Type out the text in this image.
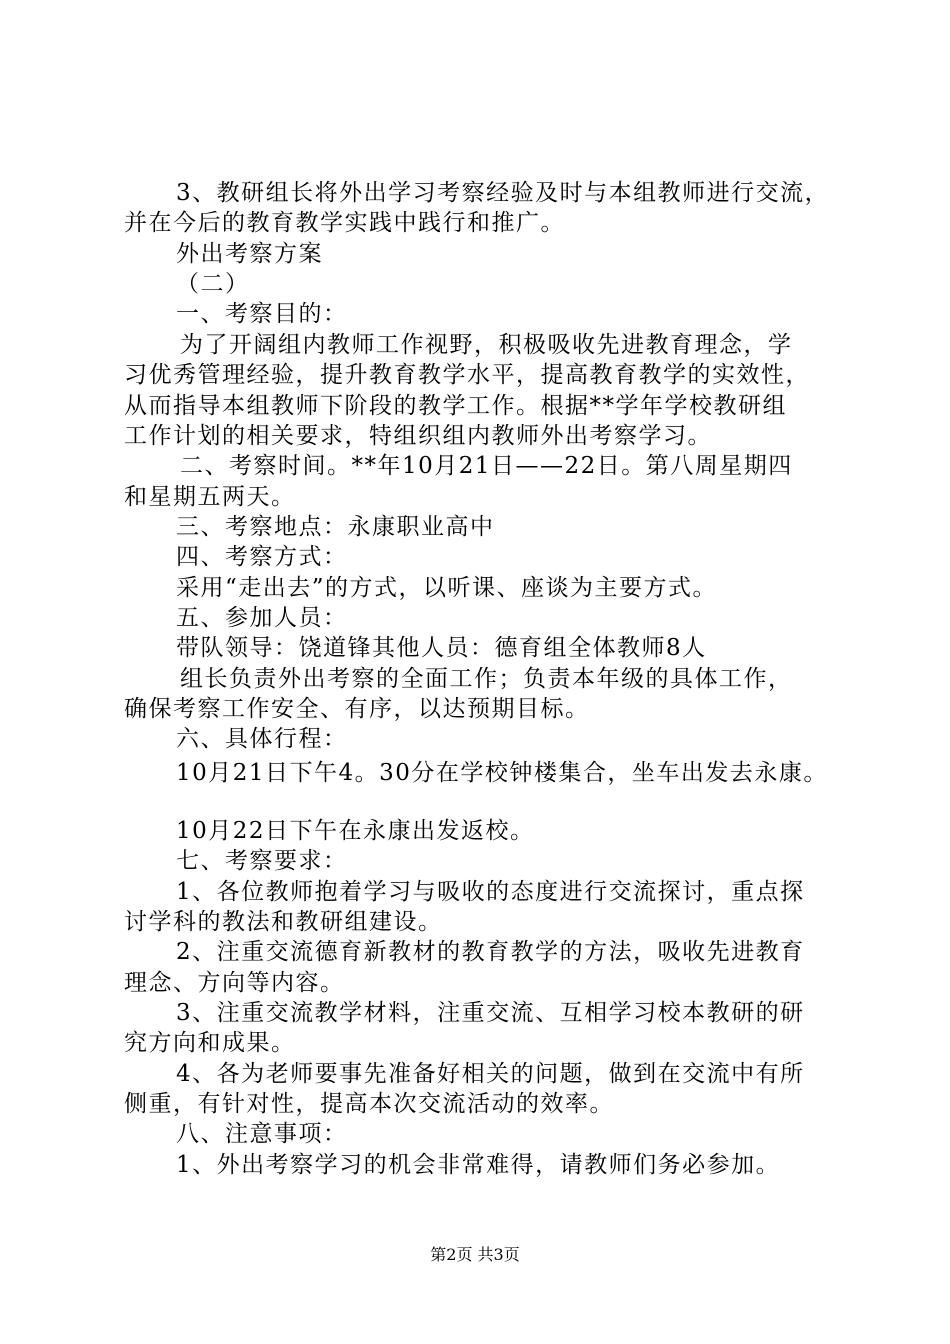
3、教研组长将外出学习考察经验及时与本组教师进行交流，
并在今后的教育教学实践中践行和推广。
外出考察方案
（二）
一、考察目的：
为了开阔组内教师工作视野，积极吸收先进教育理念，学
习优秀管理经验，提升教育教学水平，提高教育教学的实效性，
从而指导本组教师下阶段的教学工作。根据**学年学校教研组
工作计划的相关要求，特组织组内教师外出考察学习。
二、考察时间。**年10月21日——22日。第八周星期四
和星期五两天。
三、考察地点：永康职业高中
四、考察方式：
采用“走出去”的方式，以听课、座谈为主要方式。
五、参加人员：
带队领导：饶道锋其他人员：德育组全体教师8人
组长负责外出考察的全面工作；负责本年级的具体工作，
确保考察工作安全、有序，以达预期目标。
六、具体行程：
10月21日下午4。30分在学校钟楼集合，坐车出发去永康。
10月22日下午在永康出发返校。
七、考察要求：
1、各位教师抱着学习与吸收的态度进行交流探讨，重点探
讨学科的教法和教研组建设。
2、注重交流德育新教材的教育教学的方法，吸收先进教育
理念、方向等内容。
3、注重交流教学材料，注重交流、互相学习校本教研的研
究方向和成果。
4、各为老师要事先准备好相关的问题，做到在交流中有所
侧重，有针对性，提高本次交流活动的效率。
八、注意事项：
1、外出考察学习的机会非常难得，请教师们务必参加。
第2页 共3页
